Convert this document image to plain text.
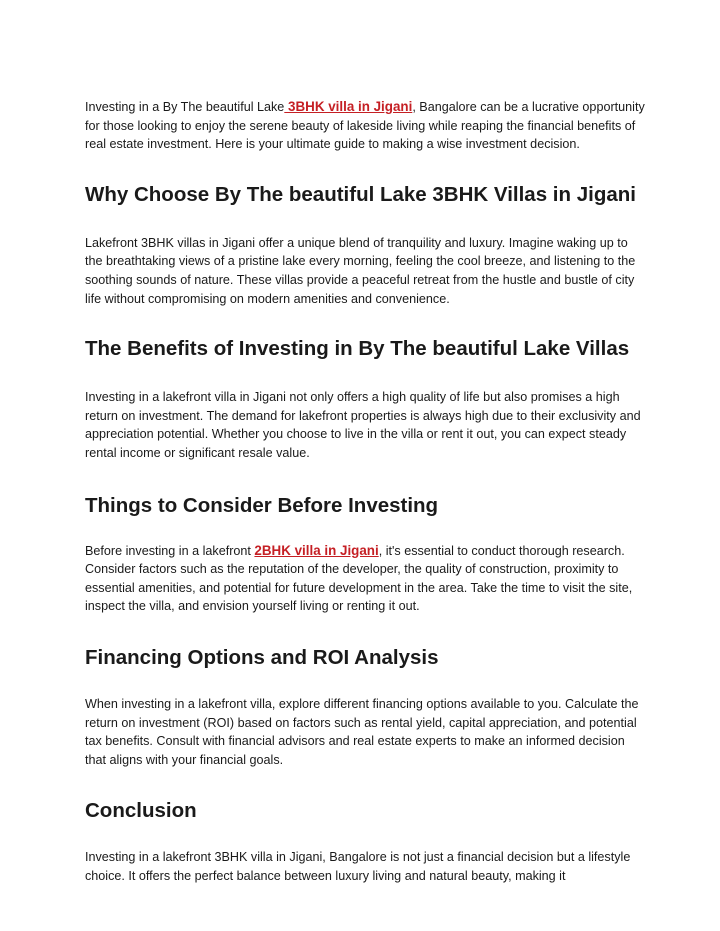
Investing in a By The beautiful Lake 3BHK villa in Jigani, Bangalore can be a lucrative opportunity for those looking to enjoy the serene beauty of lakeside living while reaping the financial benefits of real estate investment. Here is your ultimate guide to making a wise investment decision.

Why Choose By The beautiful Lake 3BHK Villas in Jigani

Lakefront 3BHK villas in Jigani offer a unique blend of tranquility and luxury. Imagine waking up to the breathtaking views of a pristine lake every morning, feeling the cool breeze, and listening to the soothing sounds of nature. These villas provide a peaceful retreat from the hustle and bustle of city life without compromising on modern amenities and convenience.

The Benefits of Investing in By The beautiful Lake Villas

Investing in a lakefront villa in Jigani not only offers a high quality of life but also promises a high return on investment. The demand for lakefront properties is always high due to their exclusivity and appreciation potential. Whether you choose to live in the villa or rent it out, you can expect steady rental income or significant resale value.

Things to Consider Before Investing

Before investing in a lakefront 2BHK villa in Jigani, it's essential to conduct thorough research. Consider factors such as the reputation of the developer, the quality of construction, proximity to essential amenities, and potential for future development in the area. Take the time to visit the site, inspect the villa, and envision yourself living or renting it out.

Financing Options and ROI Analysis

When investing in a lakefront villa, explore different financing options available to you. Calculate the return on investment (ROI) based on factors such as rental yield, capital appreciation, and potential tax benefits. Consult with financial advisors and real estate experts to make an informed decision that aligns with your financial goals.

Conclusion

Investing in a lakefront 3BHK villa in Jigani, Bangalore is not just a financial decision but a lifestyle choice. It offers the perfect balance between luxury living and natural beauty, making it
